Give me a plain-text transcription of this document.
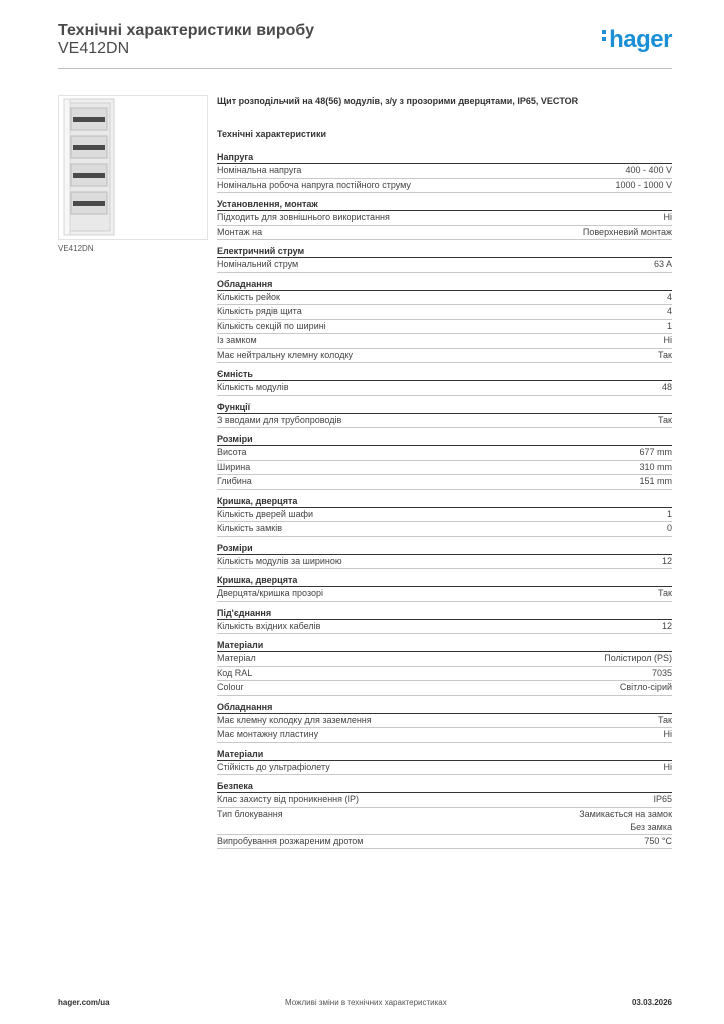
Технічні характеристики виробу
VE412DN	hager
VE412DN
Щит розподільчий на 48(56) модулів, з/у з прозорими дверцятами, IP65, VECTOR
Технічні характеристики
Напруга
Номінальна напруга	400 - 400 V
Номінальна робоча напруга постійного струму	1000 - 1000 V
Установлення, монтаж
Підходить для зовнішнього використання	Ні
Монтаж на	Поверхневий монтаж
Електричний струм
Номінальний струм	63 A
Обладнання
Кількість рейок	4
Кількість рядів щита	4
Кількість секцій по ширині	1
Із замком	Ні
Має нейтральну клемну колодку	Так
Ємність
Кількість модулів	48
Функції
З вводами для трубопроводів	Так
Розміри
Висота	677 mm
Ширина	310 mm
Глибина	151 mm
Кришка, дверцята
Кількість дверей шафи	1
Кількість замків	0
Розміри
Кількість модулів за шириною	12
Кришка, дверцята
Дверцята/кришка прозорі	Так
Під'єднання
Кількість вхідних кабелів	12
Матеріали
Матеріал	Полістирол (PS)
Код RAL	7035
Colour	Світло-сірий
Обладнання
Має клемну колодку для заземлення	Так
Має монтажну пластину	Ні
Матеріали
Стійкість до ультрафіолету	Ні
Безпека
Клас захисту від проникнення (IP)	IP65
Тип блокування	Замикається на замок
Без замка
Випробування розжареним дротом	750 °C
hager.com/ua	Можливі зміни в технічних характеристиках	03.03.2026
